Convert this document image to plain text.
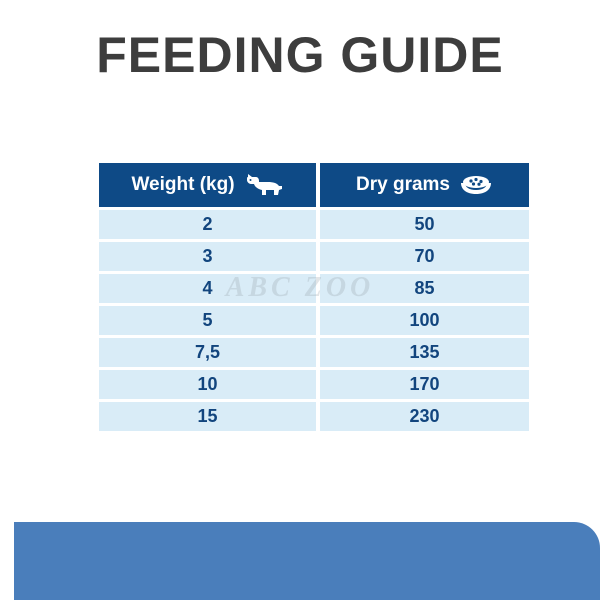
FEEDING GUIDE
Weight (kg)	Dry grams

2	50
3	70
4	85
5	100
7,5	135
10	170
15	230
ABC ZOO
